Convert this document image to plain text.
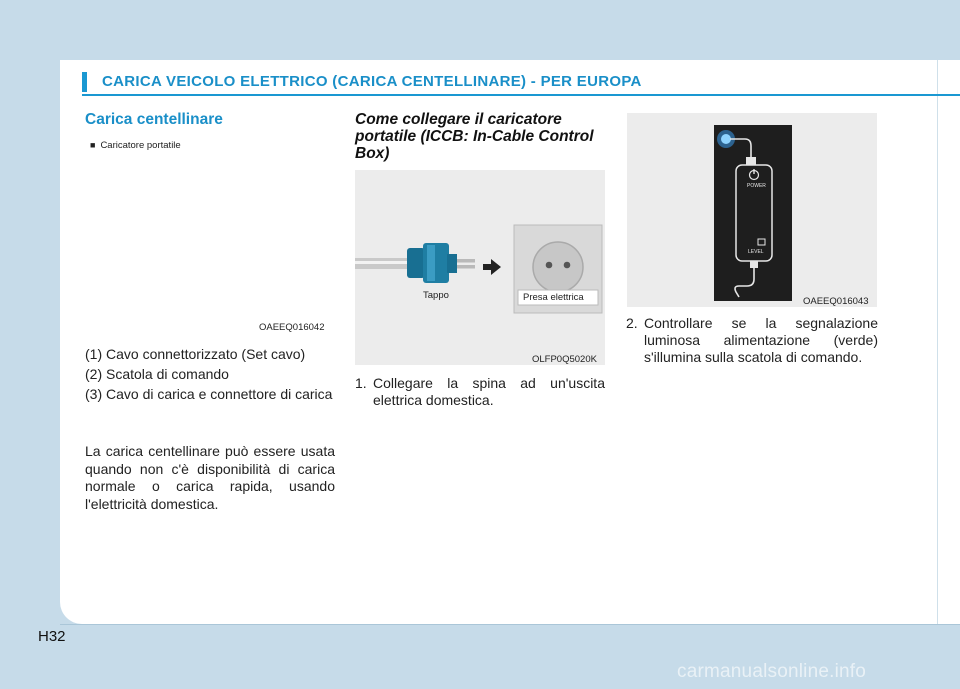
CARICA VEICOLO ELETTRICO (CARICA CENTELLINARE) - PER EUROPA
Carica centellinare
■ Caricatore portatile
OAEEQ016042
(1) Cavo connettorizzato (Set cavo)
(2) Scatola di comando
(3) Cavo di carica e connettore di carica
La carica centellinare può essere usata quando non c'è disponibilità di carica normale o carica rapida, usando l'elettricità domestica.
Come collegare il caricatore portatile (ICCB: In-Cable Control Box)
Tappo	Presa elettrica
OLFP0Q5020K
1. Collegare la spina ad un'uscita elettrica domestica.
POWER
LEVEL
OAEEQ016043
2. Controllare se la segnalazione luminosa alimentazione (verde) s'illumina sulla scatola di comando.
H32
carmanualsonline.info
